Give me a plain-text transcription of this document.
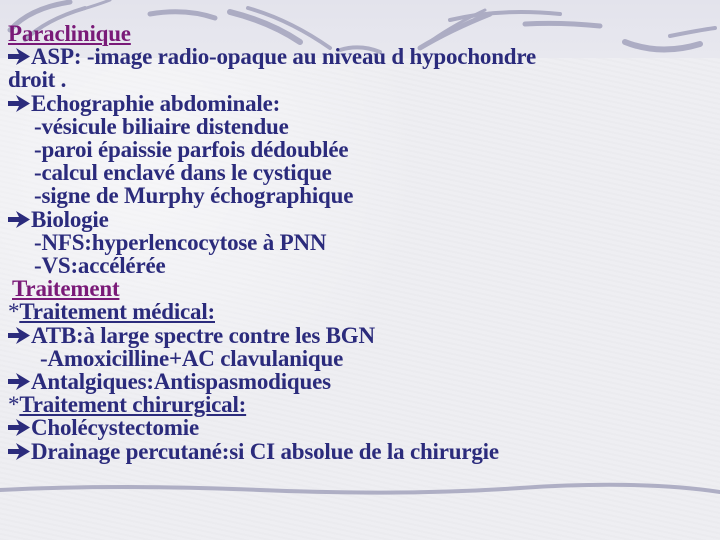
Paraclinique
ASP: -image radio-opaque au niveau d hypochondre
droit .
Echographie abdominale:
-vésicule biliaire distendue
-paroi épaissie parfois dédoublée
-calcul enclavé dans le cystique
-signe de Murphy échographique
Biologie
-NFS:hyperlencocytose à PNN
-VS:accélérée
Traitement
*Traitement médical:
ATB:à large spectre contre les BGN
-Amoxicilline+AC clavulanique
Antalgiques:Antispasmodiques
*Traitement chirurgical:
Cholécystectomie
Drainage percutané:si CI absolue de la chirurgie
